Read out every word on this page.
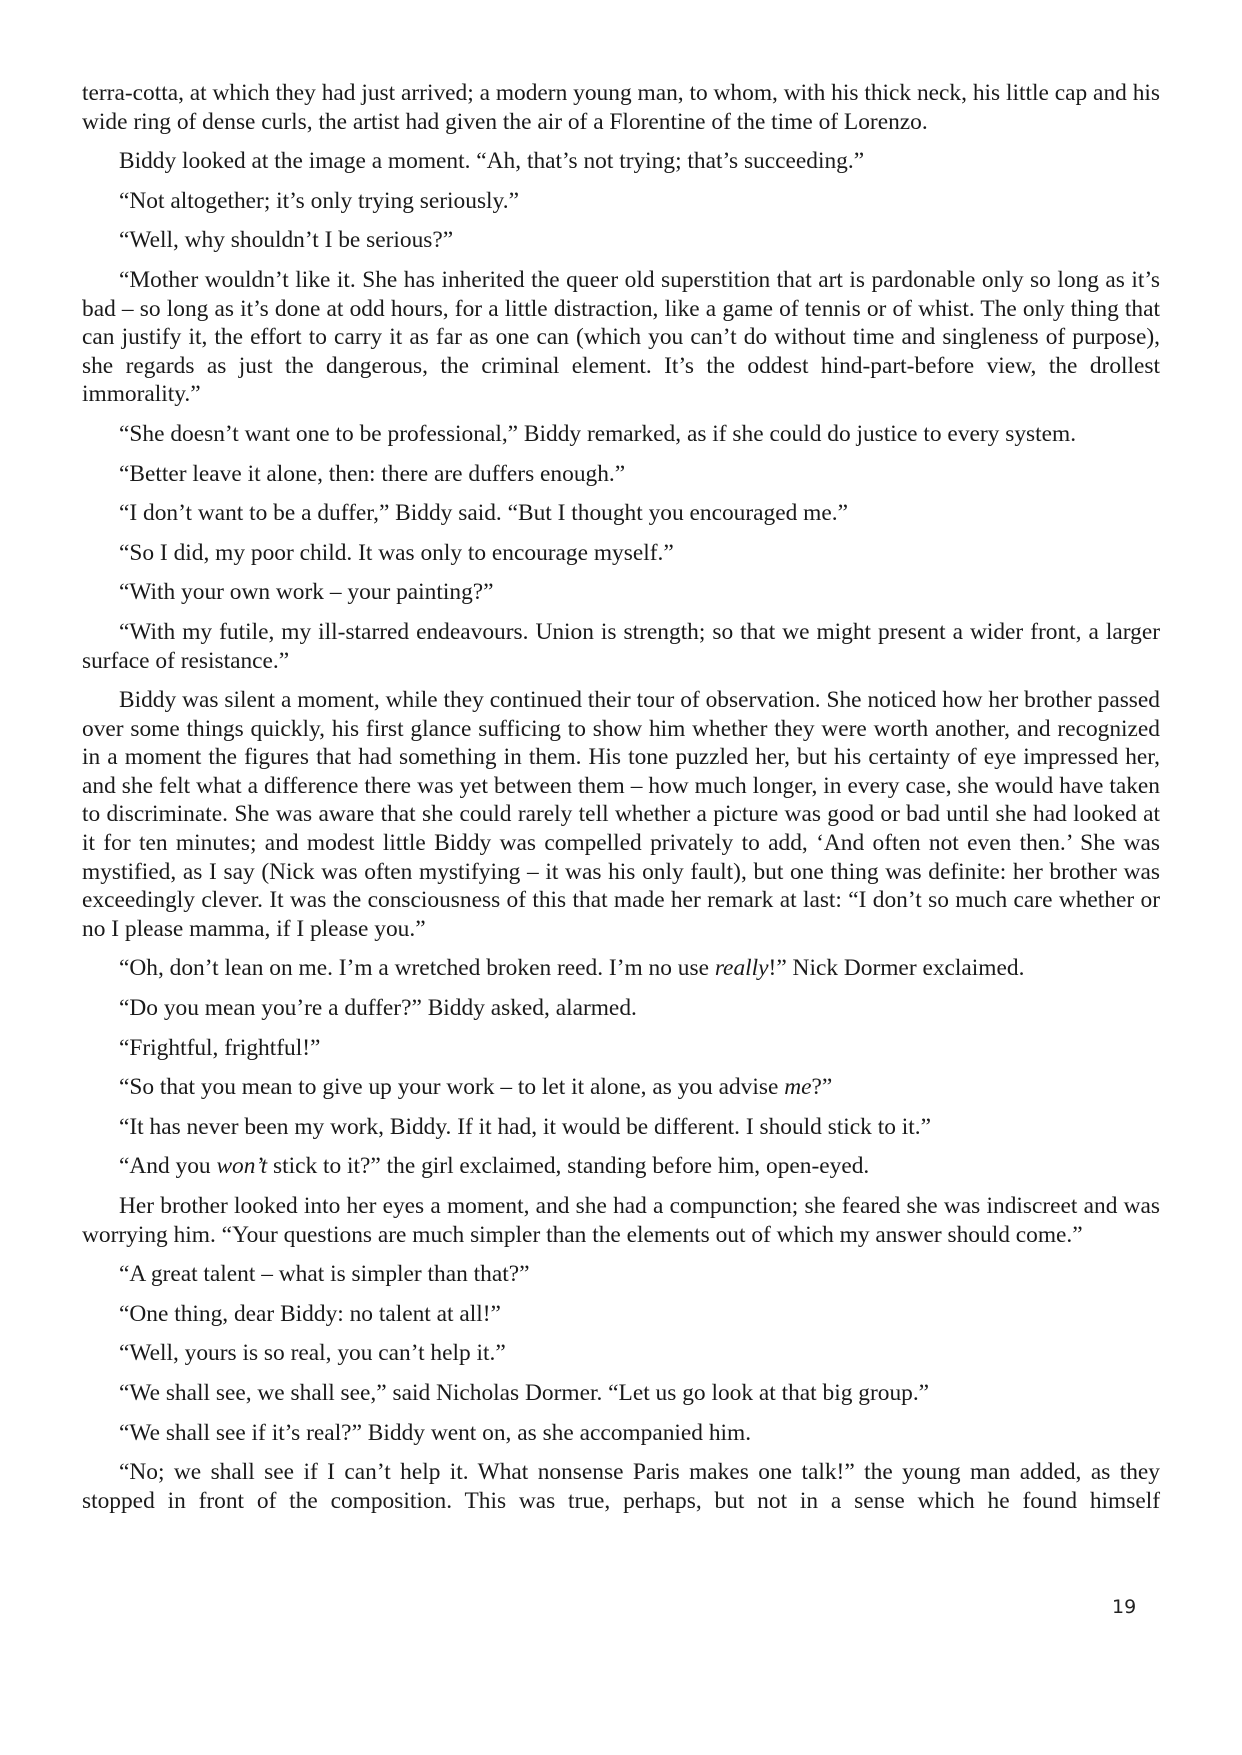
terra-cotta, at which they had just arrived; a modern young man, to whom, with his thick neck, his little cap and his wide ring of dense curls, the artist had given the air of a Florentine of the time of Lorenzo.

Biddy looked at the image a moment. “Ah, that’s not trying; that’s succeeding.”

“Not altogether; it’s only trying seriously.”

“Well, why shouldn’t I be serious?”

“Mother wouldn’t like it. She has inherited the queer old superstition that art is pardonable only so long as it’s bad – so long as it’s done at odd hours, for a little distraction, like a game of tennis or of whist. The only thing that can justify it, the effort to carry it as far as one can (which you can’t do without time and singleness of purpose), she regards as just the dangerous, the criminal element. It’s the oddest hind-part-before view, the drollest immorality.”

“She doesn’t want one to be professional,” Biddy remarked, as if she could do justice to every system.

“Better leave it alone, then: there are duffers enough.”

“I don’t want to be a duffer,” Biddy said. “But I thought you encouraged me.”

“So I did, my poor child. It was only to encourage myself.”

“With your own work – your painting?”

“With my futile, my ill-starred endeavours. Union is strength; so that we might present a wider front, a larger surface of resistance.”

Biddy was silent a moment, while they continued their tour of observation. She noticed how her brother passed over some things quickly, his first glance sufficing to show him whether they were worth another, and recognized in a moment the figures that had something in them. His tone puzzled her, but his certainty of eye impressed her, and she felt what a difference there was yet between them – how much longer, in every case, she would have taken to discriminate. She was aware that she could rarely tell whether a picture was good or bad until she had looked at it for ten minutes; and modest little Biddy was compelled privately to add, ‘And often not even then.’ She was mystified, as I say (Nick was often mystifying – it was his only fault), but one thing was definite: her brother was exceedingly clever. It was the consciousness of this that made her remark at last: “I don’t so much care whether or no I please mamma, if I please you.”

“Oh, don’t lean on me. I’m a wretched broken reed. I’m no use really!” Nick Dormer exclaimed.

“Do you mean you’re a duffer?” Biddy asked, alarmed.

“Frightful, frightful!”

“So that you mean to give up your work – to let it alone, as you advise me?”

“It has never been my work, Biddy. If it had, it would be different. I should stick to it.”

“And you won’t stick to it?” the girl exclaimed, standing before him, open-eyed.

Her brother looked into her eyes a moment, and she had a compunction; she feared she was indiscreet and was worrying him. “Your questions are much simpler than the elements out of which my answer should come.”

“A great talent – what is simpler than that?”

“One thing, dear Biddy: no talent at all!”

“Well, yours is so real, you can’t help it.”

“We shall see, we shall see,” said Nicholas Dormer. “Let us go look at that big group.”

“We shall see if it’s real?” Biddy went on, as she accompanied him.

“No; we shall see if I can’t help it. What nonsense Paris makes one talk!” the young man added, as they stopped in front of the composition. This was true, perhaps, but not in a sense which he found himself

19
